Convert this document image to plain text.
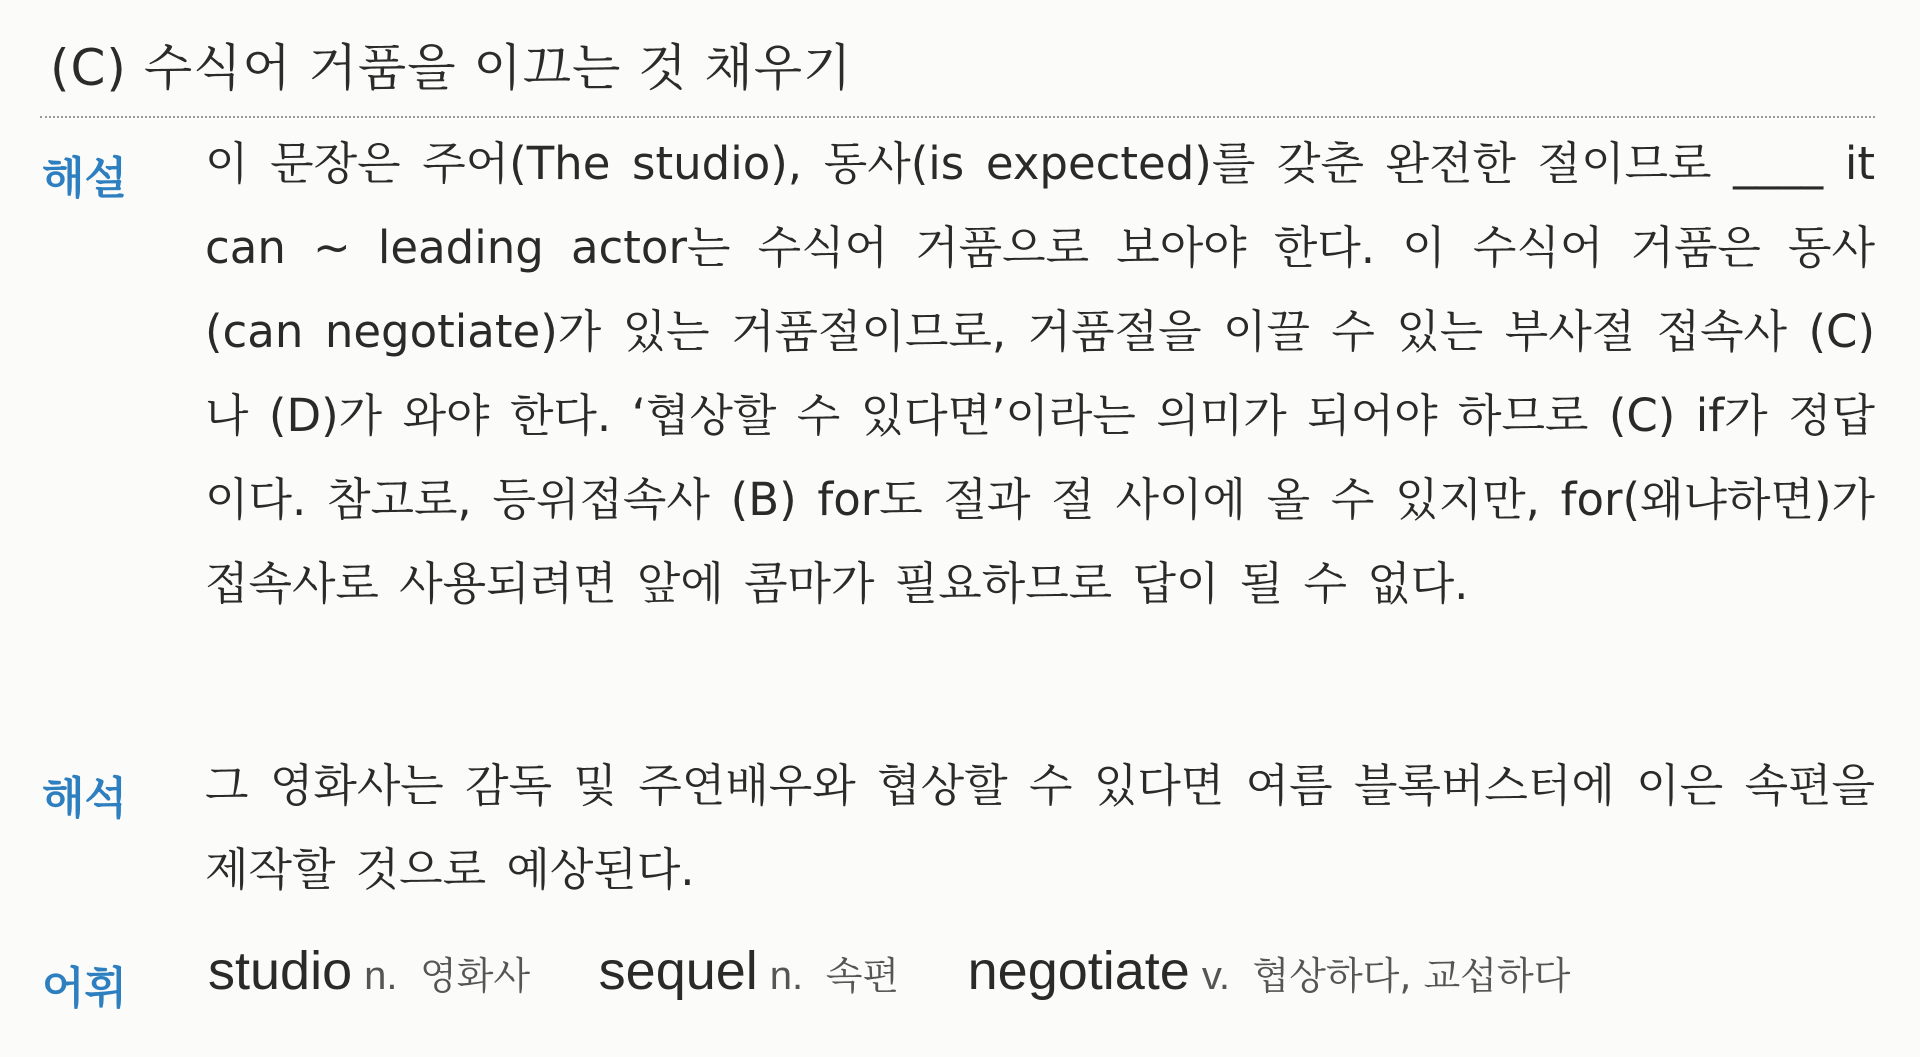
(C) 수식어 거품을 이끄는 것 채우기
해설 이 문장은 주어(The studio), 동사(is expected)를 갖춘 완전한 절이므로 ____ it can ~ leading actor는 수식어 거품으로 보아야 한다. 이 수식어 거품은 동사(can negotiate)가 있는 거품절이므로, 거품절을 이끌 수 있는 부사절 접속사 (C)나 (D)가 와야 한다. ‘협상할 수 있다면’이라는 의미가 되어야 하므로 (C) if가 정답이다. 참고로, 등위접속사 (B) for도 절과 절 사이에 올 수 있지만, for(왜냐하면)가 접속사로 사용되려면 앞에 콤마가 필요하므로 답이 될 수 없다.
해석 그 영화사는 감독 및 주연배우와 협상할 수 있다면 여름 블록버스터에 이은 속편을 제작할 것으로 예상된다.
어휘 studio n. 영화사 sequel n. 속편 negotiate v. 협상하다, 교섭하다
